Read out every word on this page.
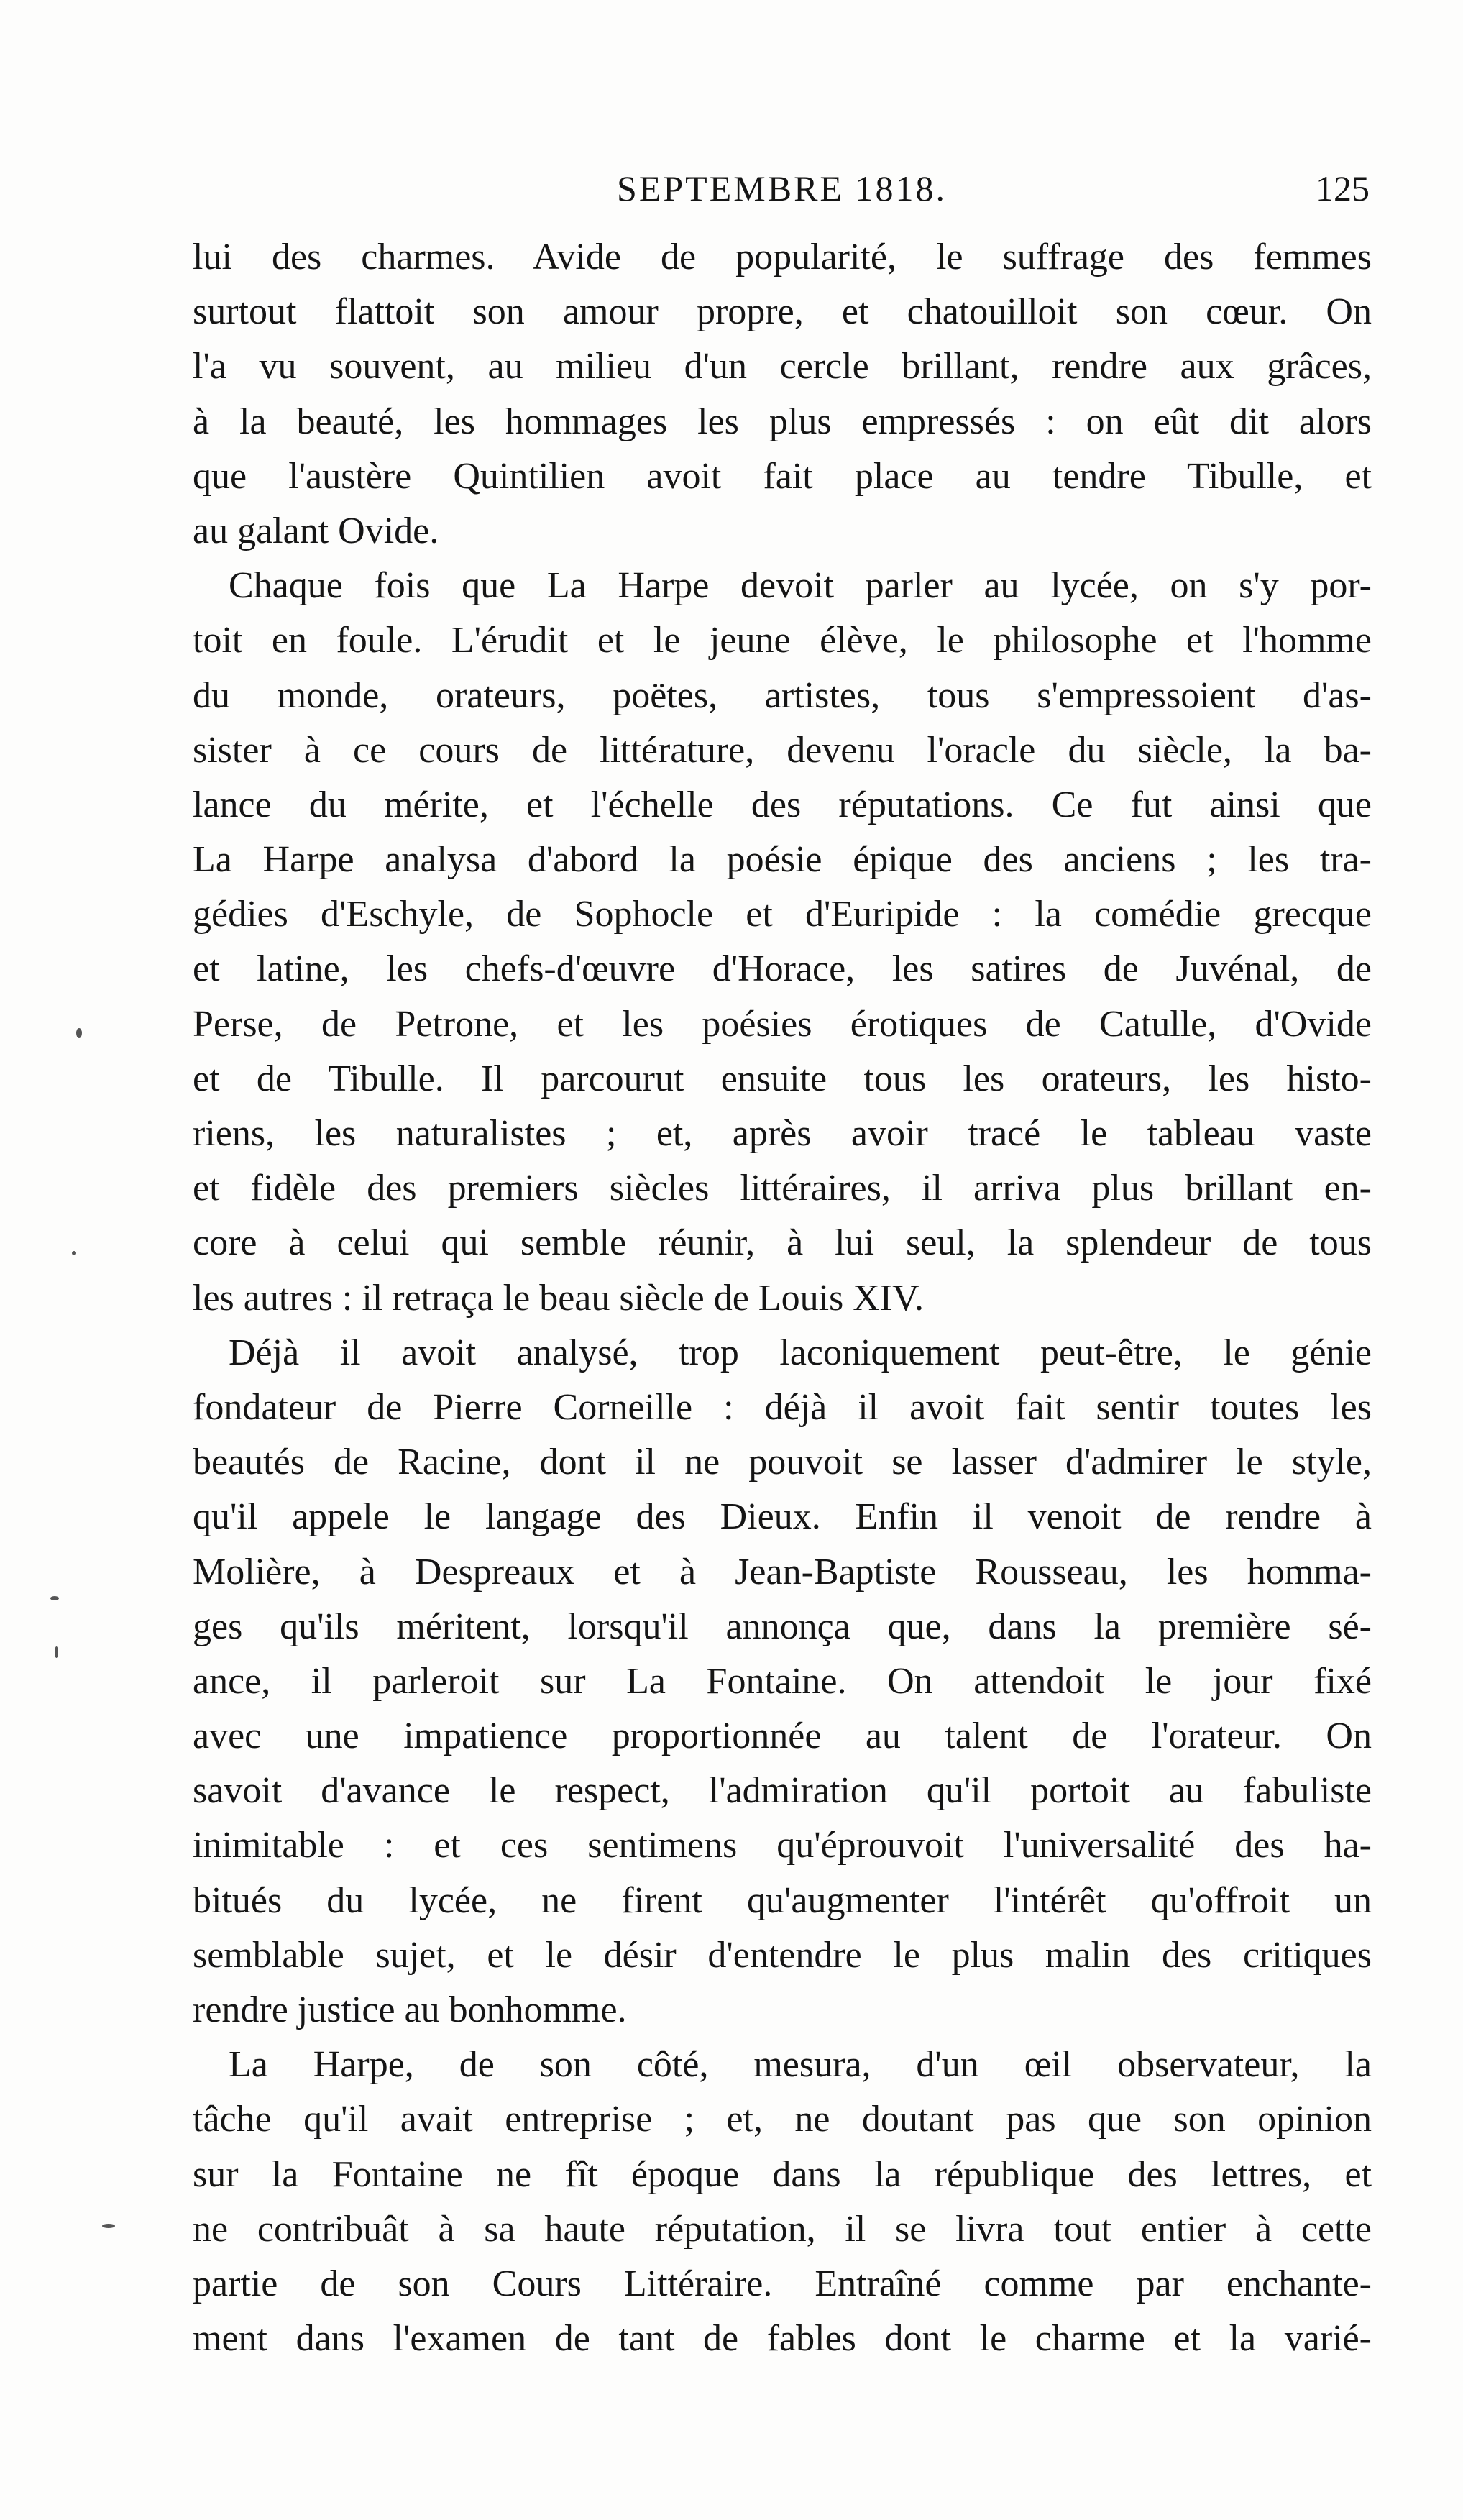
SEPTEMBRE 1818.	125
lui des charmes. Avide de popularité, le suffrage des femmes
surtout flattoit son amour propre, et chatouilloit son cœur. On
l'a vu souvent, au milieu d'un cercle brillant, rendre aux grâces,
à la beauté, les hommages les plus empressés : on eût dit alors
que l'austère Quintilien avoit fait place au tendre Tibulle, et
au galant Ovide.
Chaque fois que La Harpe devoit parler au lycée, on s'y por-
toit en foule. L'érudit et le jeune élève, le philosophe et l'homme
du monde, orateurs, poëtes, artistes, tous s'empressoient d'as-
sister à ce cours de littérature, devenu l'oracle du siècle, la ba-
lance du mérite, et l'échelle des réputations. Ce fut ainsi que
La Harpe analysa d'abord la poésie épique des anciens ; les tra-
gédies d'Eschyle, de Sophocle et d'Euripide : la comédie grecque
et latine, les chefs-d'œuvre d'Horace, les satires de Juvénal, de
Perse, de Petrone, et les poésies érotiques de Catulle, d'Ovide
et de Tibulle. Il parcourut ensuite tous les orateurs, les histo-
riens, les naturalistes ; et, après avoir tracé le tableau vaste
et fidèle des premiers siècles littéraires, il arriva plus brillant en-
core à celui qui semble réunir, à lui seul, la splendeur de tous
les autres : il retraça le beau siècle de Louis XIV.
Déjà il avoit analysé, trop laconiquement peut-être, le génie
fondateur de Pierre Corneille : déjà il avoit fait sentir toutes les
beautés de Racine, dont il ne pouvoit se lasser d'admirer le style,
qu'il appele le langage des Dieux. Enfin il venoit de rendre à
Molière, à Despreaux et à Jean-Baptiste Rousseau, les homma-
ges qu'ils méritent, lorsqu'il annonça que, dans la première sé-
ance, il parleroit sur La Fontaine. On attendoit le jour fixé
avec une impatience proportionnée au talent de l'orateur. On
savoit d'avance le respect, l'admiration qu'il portoit au fabuliste
inimitable : et ces sentimens qu'éprouvoit l'universalité des ha-
bitués du lycée, ne firent qu'augmenter l'intérêt qu'offroit un
semblable sujet, et le désir d'entendre le plus malin des critiques
rendre justice au bonhomme.
La Harpe, de son côté, mesura, d'un œil observateur, la
tâche qu'il avait entreprise ; et, ne doutant pas que son opinion
sur la Fontaine ne fît époque dans la république des lettres, et
ne contribuât à sa haute réputation, il se livra tout entier à cette
partie de son Cours Littéraire. Entraîné comme par enchante-
ment dans l'examen de tant de fables dont le charme et la varié-
